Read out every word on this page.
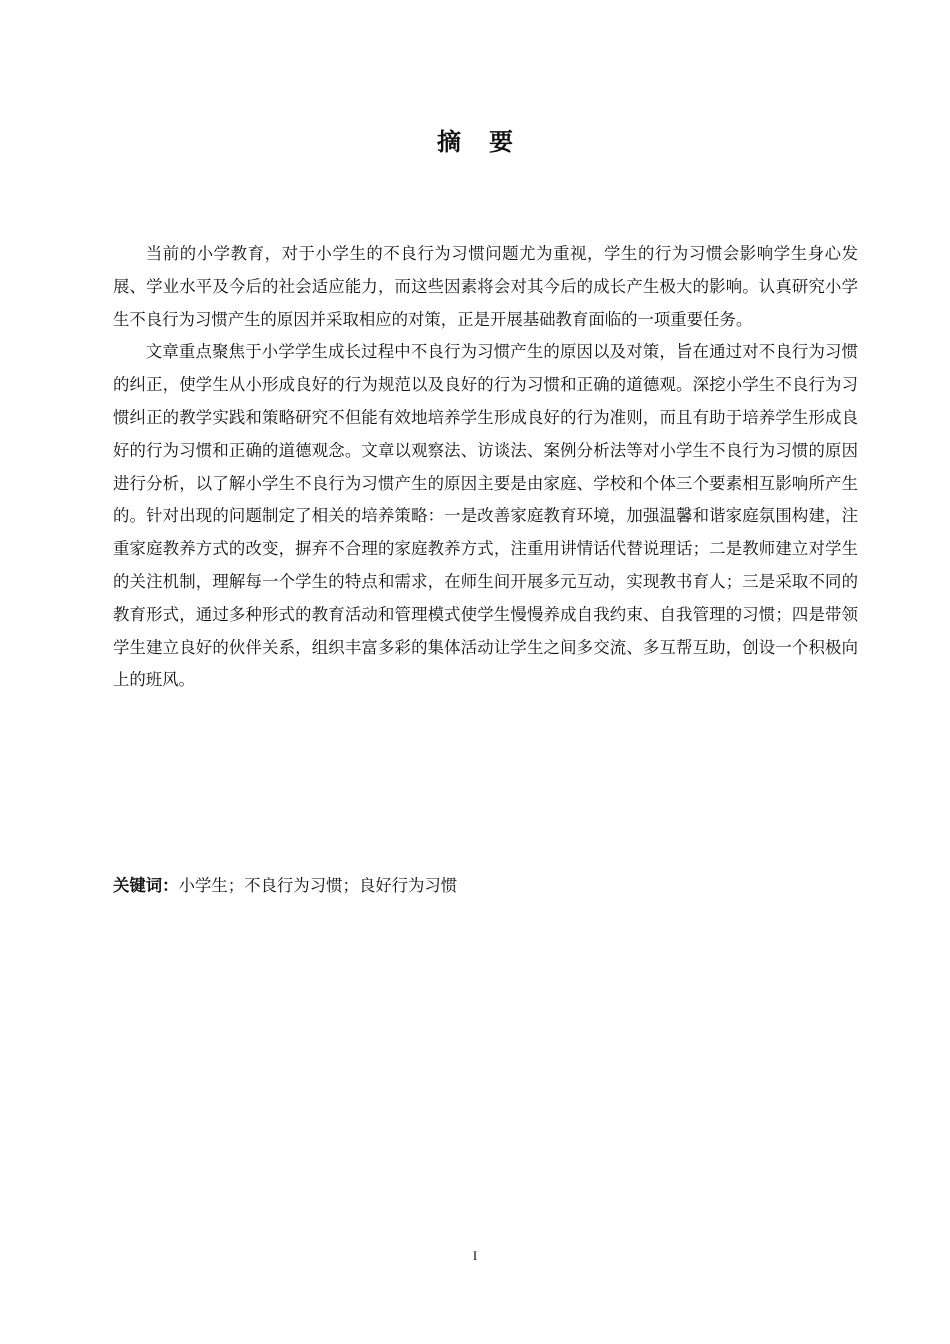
摘 要

当前的小学教育，对于小学生的不良行为习惯问题尤为重视，学生的行为习惯会影响学生身心发展、学业水平及今后的社会适应能力，而这些因素将会对其今后的成长产生极大的影响。认真研究小学生不良行为习惯产生的原因并采取相应的对策，正是开展基础教育面临的一项重要任务。

文章重点聚焦于小学学生成长过程中不良行为习惯产生的原因以及对策，旨在通过对不良行为习惯的纠正，使学生从小形成良好的行为规范以及良好的行为习惯和正确的道德观。深挖小学生不良行为习惯纠正的教学实践和策略研究不但能有效地培养学生形成良好的行为准则，而且有助于培养学生形成良好的行为习惯和正确的道德观念。文章以观察法、访谈法、案例分析法等对小学生不良行为习惯的原因进行分析，以了解小学生不良行为习惯产生的原因主要是由家庭、学校和个体三个要素相互影响所产生的。针对出现的问题制定了相关的培养策略：一是改善家庭教育环境，加强温馨和谐家庭氛围构建，注重家庭教养方式的改变，摒弃不合理的家庭教养方式，注重用讲情话代替说理话；二是教师建立对学生的关注机制，理解每一个学生的特点和需求，在师生间开展多元互动，实现教书育人；三是采取不同的教育形式，通过多种形式的教育活动和管理模式使学生慢慢养成自我约束、自我管理的习惯；四是带领学生建立良好的伙伴关系，组织丰富多彩的集体活动让学生之间多交流、多互帮互助，创设一个积极向上的班风。

关键词：小学生；不良行为习惯；良好行为习惯
I
